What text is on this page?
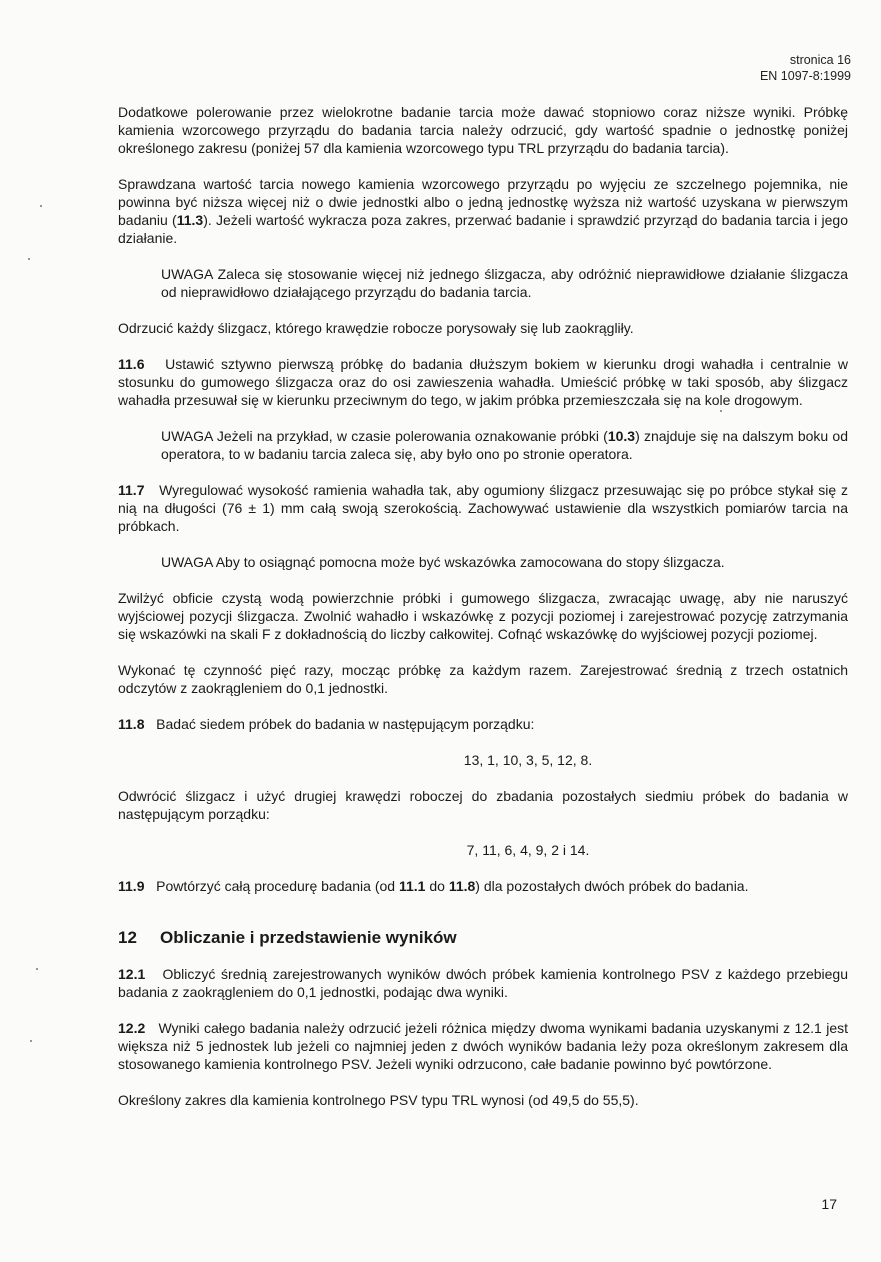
stronica 16
EN 1097-8:1999

Dodatkowe polerowanie przez wielokrotne badanie tarcia może dawać stopniowo coraz niższe wyniki. Próbkę kamienia wzorcowego przyrządu do badania tarcia należy odrzucić, gdy wartość spadnie o jednostkę poniżej określonego zakresu (poniżej 57 dla kamienia wzorcowego typu TRL przyrządu do badania tarcia).

Sprawdzana wartość tarcia nowego kamienia wzorcowego przyrządu po wyjęciu ze szczelnego pojemnika, nie powinna być niższa więcej niż o dwie jednostki albo o jedną jednostkę wyższa niż wartość uzyskana w pierwszym badaniu (11.3). Jeżeli wartość wykracza poza zakres, przerwać badanie i sprawdzić przyrząd do badania tarcia i jego działanie.

UWAGA Zaleca się stosowanie więcej niż jednego ślizgacza, aby odróżnić nieprawidłowe działanie ślizgacza od nieprawidłowo działającego przyrządu do badania tarcia.

Odrzucić każdy ślizgacz, którego krawędzie robocze porysowały się lub zaokrągliły.

11.6 Ustawić sztywno pierwszą próbkę do badania dłuższym bokiem w kierunku drogi wahadła i centralnie w stosunku do gumowego ślizgacza oraz do osi zawieszenia wahadła. Umieścić próbkę w taki sposób, aby ślizgacz wahadła przesuwał się w kierunku przeciwnym do tego, w jakim próbka przemieszczała się na kole drogowym.

UWAGA Jeżeli na przykład, w czasie polerowania oznakowanie próbki (10.3) znajduje się na dalszym boku od operatora, to w badaniu tarcia zaleca się, aby było ono po stronie operatora.

11.7 Wyregulować wysokość ramienia wahadła tak, aby ogumiony ślizgacz przesuwając się po próbce stykał się z nią na długości (76 ± 1) mm całą swoją szerokością. Zachowywać ustawienie dla wszystkich pomiarów tarcia na próbkach.

UWAGA Aby to osiągnąć pomocna może być wskazówka zamocowana do stopy ślizgacza.

Zwilżyć obficie czystą wodą powierzchnie próbki i gumowego ślizgacza, zwracając uwagę, aby nie naruszyć wyjściowej pozycji ślizgacza. Zwolnić wahadło i wskazówkę z pozycji poziomej i zarejestrować pozycję zatrzymania się wskazówki na skali F z dokładnością do liczby całkowitej. Cofnąć wskazówkę do wyjściowej pozycji poziomej.

Wykonać tę czynność pięć razy, mocząc próbkę za każdym razem. Zarejestrować średnią z trzech ostatnich odczytów z zaokrągleniem do 0,1 jednostki.

11.8 Badać siedem próbek do badania w następującym porządku:

13, 1, 10, 3, 5, 12, 8.

Odwrócić ślizgacz i użyć drugiej krawędzi roboczej do zbadania pozostałych siedmiu próbek do badania w następującym porządku:

7, 11, 6, 4, 9, 2 i 14.

11.9 Powtórzyć całą procedurę badania (od 11.1 do 11.8) dla pozostałych dwóch próbek do badania.

12 Obliczanie i przedstawienie wyników

12.1 Obliczyć średnią zarejestrowanych wyników dwóch próbek kamienia kontrolnego PSV z każdego przebiegu badania z zaokrągleniem do 0,1 jednostki, podając dwa wyniki.

12.2 Wyniki całego badania należy odrzucić jeżeli różnica między dwoma wynikami badania uzyskanymi z 12.1 jest większa niż 5 jednostek lub jeżeli co najmniej jeden z dwóch wyników badania leży poza określonym zakresem dla stosowanego kamienia kontrolnego PSV. Jeżeli wyniki odrzucono, całe badanie powinno być powtórzone.

Określony zakres dla kamienia kontrolnego PSV typu TRL wynosi (od 49,5 do 55,5).

17
